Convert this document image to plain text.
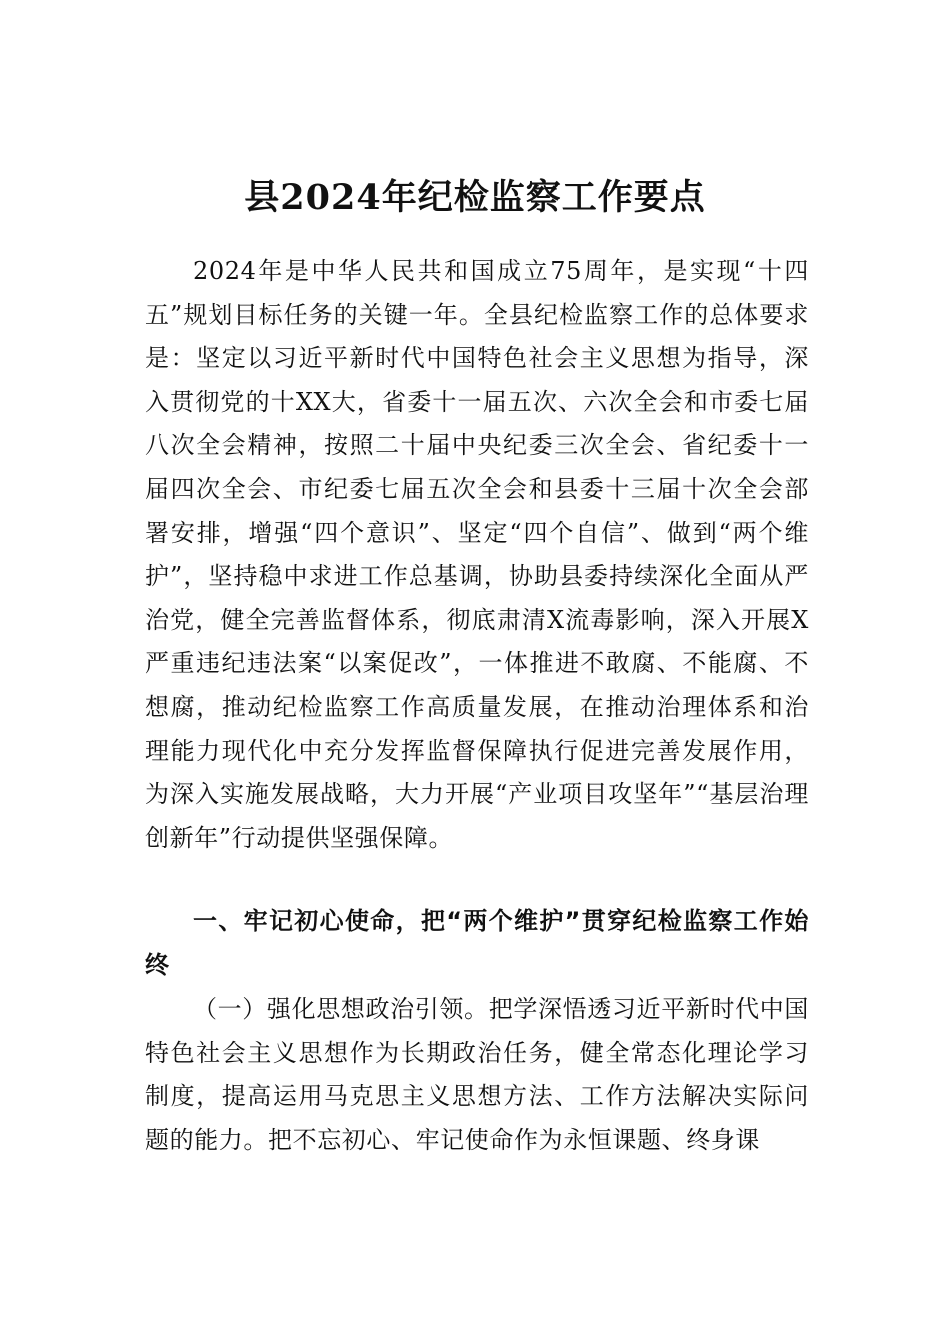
县2024年纪检监察工作要点

2024年是中华人民共和国成立75周年，是实现“十四五”规划目标任务的关键一年。全县纪检监察工作的总体要求是：坚定以习近平新时代中国特色社会主义思想为指导，深入贯彻党的十XX大，省委十一届五次、六次全会和市委七届八次全会精神，按照二十届中央纪委三次全会、省纪委十一届四次全会、市纪委七届五次全会和县委十三届十次全会部署安排，增强“四个意识”、坚定“四个自信”、做到“两个维护”，坚持稳中求进工作总基调，协助县委持续深化全面从严治党，健全完善监督体系，彻底肃清X流毒影响，深入开展X严重违纪违法案“以案促改”，一体推进不敢腐、不能腐、不想腐，推动纪检监察工作高质量发展，在推动治理体系和治理能力现代化中充分发挥监督保障执行促进完善发展作用，为深入实施发展战略，大力开展“产业项目攻坚年”“基层治理创新年”行动提供坚强保障。

一、牢记初心使命，把“两个维护”贯穿纪检监察工作始终

（一）强化思想政治引领。把学深悟透习近平新时代中国特色社会主义思想作为长期政治任务，健全常态化理论学习制度，提高运用马克思主义思想方法、工作方法解决实际问题的能力。把不忘初心、牢记使命作为永恒课题、终身课
